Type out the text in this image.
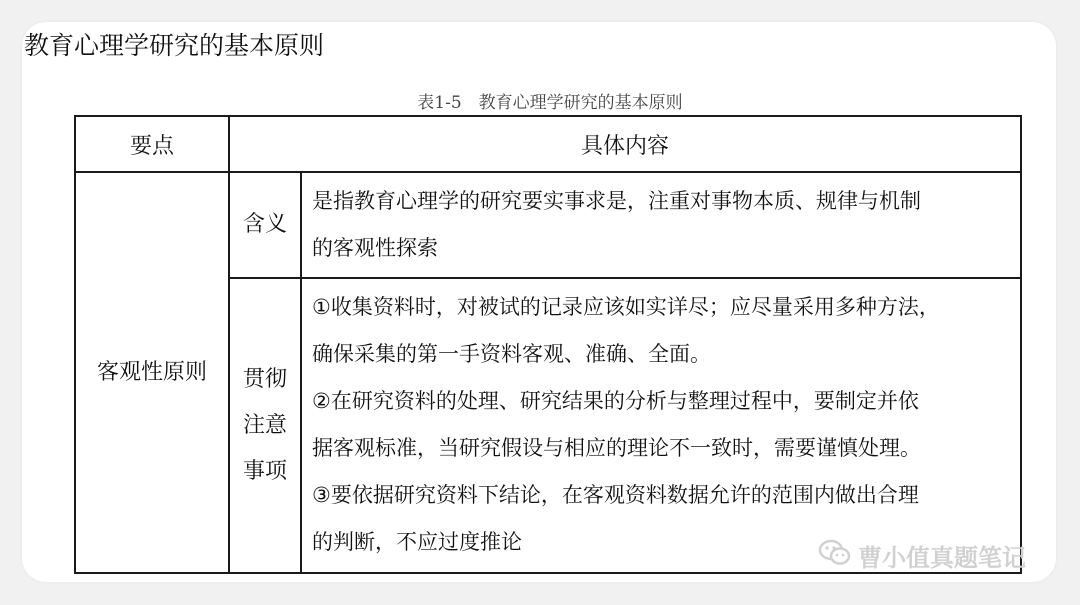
教育心理学研究的基本原则
表1-5　教育心理学研究的基本原则
要点	具体内容
客观性原则
含义
是指教育心理学的研究要实事求是，注重对事物本质、规律与机制
的客观性探索
贯彻
注意
事项
①收集资料时，对被试的记录应该如实详尽；应尽量采用多种方法，
确保采集的第一手资料客观、准确、全面。
②在研究资料的处理、研究结果的分析与整理过程中，要制定并依
据客观标准，当研究假设与相应的理论不一致时，需要谨慎处理。
③要依据研究资料下结论，在客观资料数据允许的范围内做出合理
的判断，不应过度推论
曹小值真题笔记
